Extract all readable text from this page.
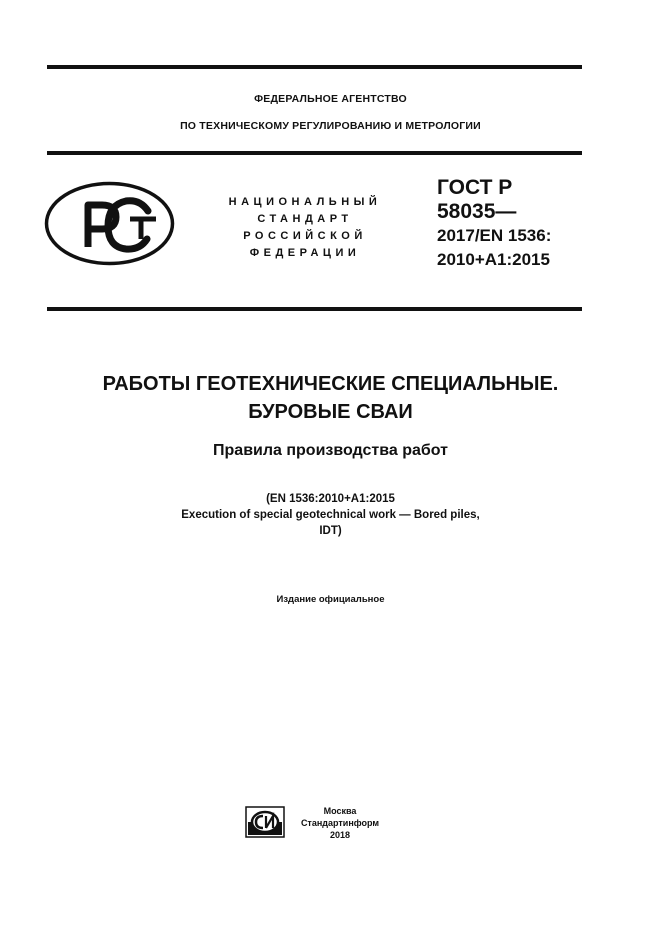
ФЕДЕРАЛЬНОЕ АГЕНТСТВО
ПО ТЕХНИЧЕСКОМУ РЕГУЛИРОВАНИЮ И МЕТРОЛОГИИ
НАЦИОНАЛЬНЫЙ
СТАНДАРТ
РОССИЙСКОЙ
ФЕДЕРАЦИИ
ГОСТ Р
58035—
2017/EN 1536:
2010+A1:2015
РАБОТЫ ГЕОТЕХНИЧЕСКИЕ СПЕЦИАЛЬНЫЕ.
БУРОВЫЕ СВАИ
Правила производства работ
(EN 1536:2010+A1:2015
Execution of special geotechnical work — Bored piles,
IDT)
Издание официальное
Москва
Стандартинформ
2018
